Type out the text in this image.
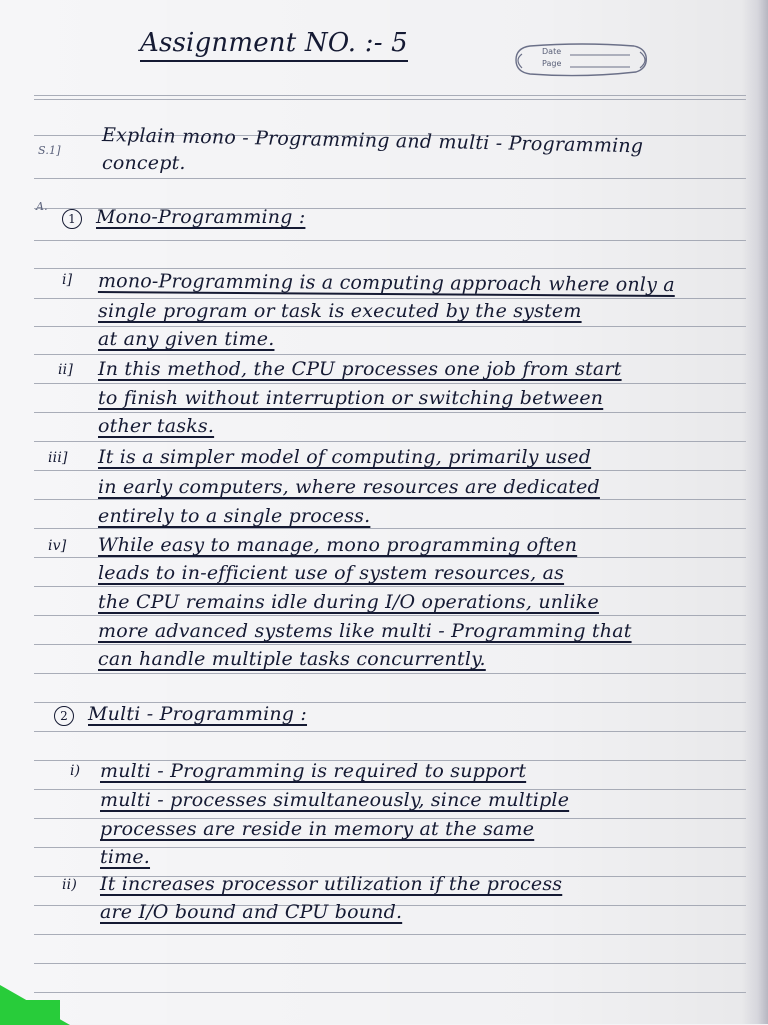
Assignment NO. :- 5	Date
Page
S.1]
A.
Explain mono - Programming and multi - Programming
concept.
1 Mono-Programming :
i] mono-Programming is a computing approach where only a
single program or task is executed by the system
at any given time.
ii] In this method, the CPU processes one job from start
to finish without interruption or switching between
other tasks.
iii] It is a simpler model of computing, primarily used
in early computers, where resources are dedicated
entirely to a single process.
iv] While easy to manage, mono programming often
leads to in-efficient use of system resources, as
the CPU remains idle during I/O operations, unlike
more advanced systems like multi - Programming that
can handle multiple tasks concurrently.
2 Multi - Programming :
i) multi - Programming is required to support
multi - processes simultaneously, since multiple
processes are reside in memory at the same
time.
ii) It increases processor utilization if the process
are I/O bound and CPU bound.
